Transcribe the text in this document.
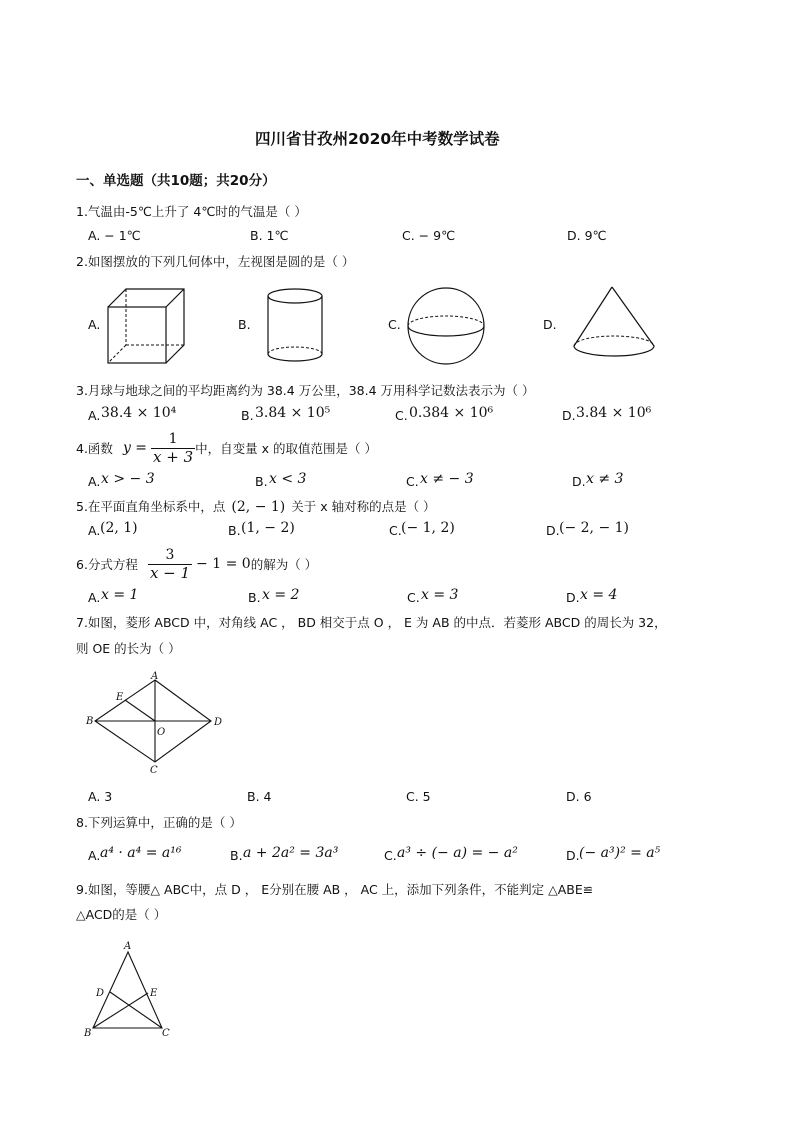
四川省甘孜州2020年中考数学试卷
一、单选题（共10题；共20分）
1.气温由-5℃上升了 4℃时的气温是（ ）
A. − 1℃	B. 1℃	C. − 9℃	D. 9℃
2.如图摆放的下列几何体中，左视图是圆的是（ ）
A.	B.	C.	D.
3.月球与地球之间的平均距离约为 38.4 万公里，38.4 万用科学记数法表示为（ ）
A. 38.4 × 10⁴	B. 3.84 × 10⁵	C. 0.384 × 10⁶	D. 3.84 × 10⁶
4.函数 $y = \frac{1}{x + 3}$ 中，自变量 x 的取值范围是（ ）
A. x > − 3	B. x < 3	C. x ≠ − 3	D. x ≠ 3
5.在平面直角坐标系中，点 (2, − 1) 关于 x 轴对称的点是（ ）
A. (2, 1)	B. (1, − 2)	C. (− 1, 2)	D. (− 2, − 1)
6.分式方程 $\frac{3}{x - 1} - 1 = 0$ 的解为（ ）
A. x = 1	B. x = 2	C. x = 3	D. x = 4
7.如图，菱形 ABCD 中，对角线 AC ， BD 相交于点 O ， E 为 AB 的中点．若菱形 ABCD 的周长为 32，
则 OE 的长为（ ）
A
B
C
D
E
O
A. 3	B. 4	C. 5	D. 6
8.下列运算中，正确的是（ ）
A. a⁴ · a⁴ = a¹⁶	B. a + 2a² = 3a³	C. a³ ÷ (− a) = − a²	D. (− a³)² = a⁵
9.如图，等腰△ ABC中，点 D ， E分别在腰 AB ， AC 上，添加下列条件，不能判定 △ABE≌
△ACD的是（ ）
A
B	C
D	E
